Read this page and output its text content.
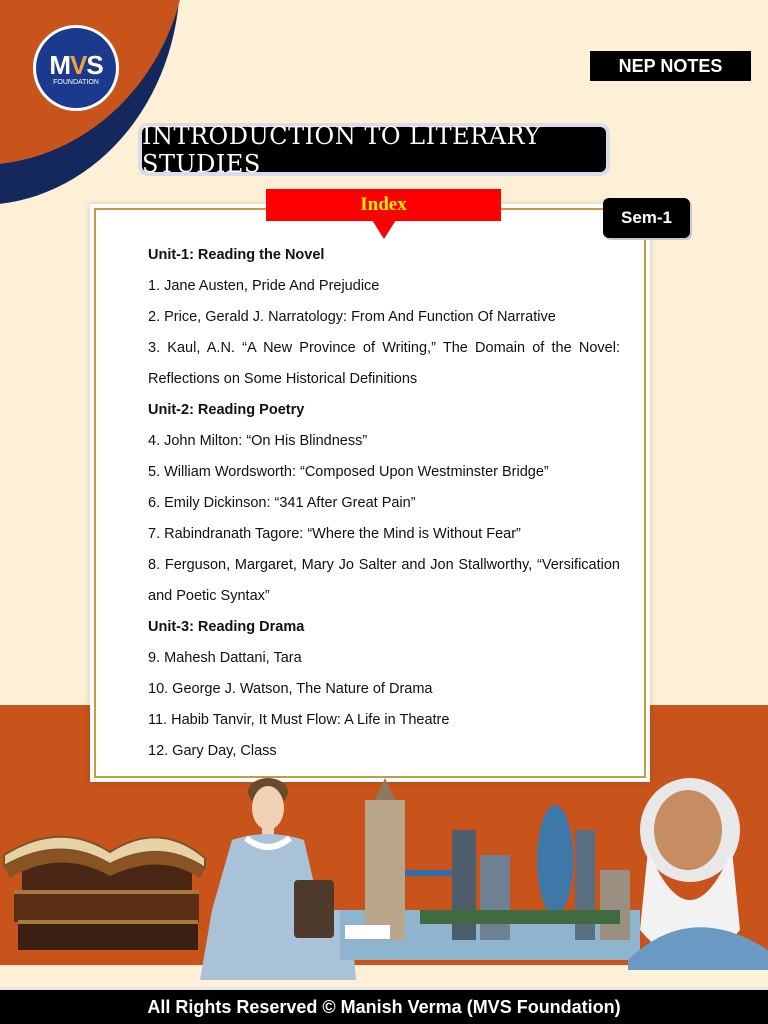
MVS
FOUNDATION
NEP NOTES
INTRODUCTION TO LITERARY STUDIES
Index
Sem-1
Unit-1: Reading the Novel
1. Jane Austen, Pride And Prejudice
2. Price, Gerald J. Narratology: From And Function Of Narrative
3. Kaul, A.N. “A New Province of Writing,” The Domain of the Novel:
Reflections on Some Historical Definitions
Unit-2: Reading Poetry
4. John Milton: “On His Blindness”
5. William Wordsworth: “Composed Upon Westminster Bridge”
6. Emily Dickinson: “341 After Great Pain”
7. Rabindranath Tagore: “Where the Mind is Without Fear”
8. Ferguson, Margaret, Mary Jo Salter and Jon Stallworthy, “Versification
and Poetic Syntax”
Unit-3: Reading Drama
9. Mahesh Dattani, Tara
10. George J. Watson, The Nature of Drama
11. Habib Tanvir, It Must Flow: A Life in Theatre
12. Gary Day, Class
All Rights Reserved © Manish Verma (MVS Foundation)
